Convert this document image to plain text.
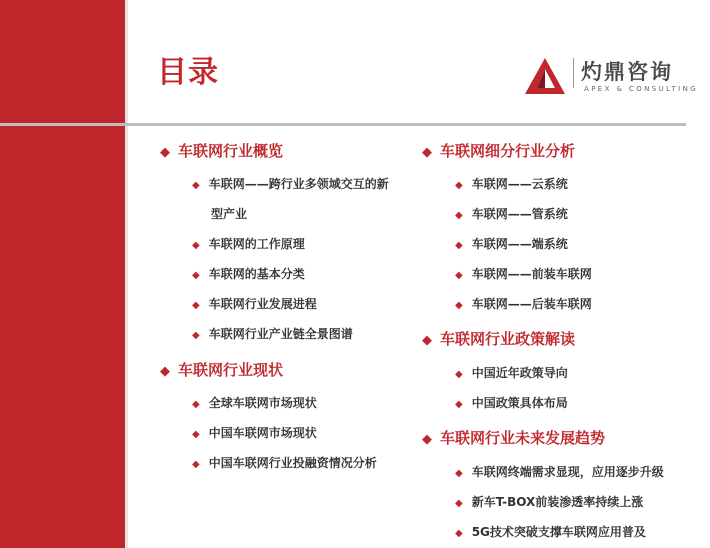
目录	灼鼎咨询
APEX & CONSULTING
◆ 车联网行业概览
◆ 车联网——跨行业多领域交互的新
型产业
◆ 车联网的工作原理
◆ 车联网的基本分类
◆ 车联网行业发展进程
◆ 车联网行业产业链全景图谱
◆ 车联网行业现状
◆ 全球车联网市场现状
◆ 中国车联网市场现状
◆ 中国车联网行业投融资情况分析
◆ 车联网细分行业分析
◆ 车联网——云系统
◆ 车联网——管系统
◆ 车联网——端系统
◆ 车联网——前装车联网
◆ 车联网——后装车联网
◆ 车联网行业政策解读
◆ 中国近年政策导向
◆ 中国政策具体布局
◆ 车联网行业未来发展趋势
◆ 车联网终端需求显现，应用逐步升级
◆ 新车T-BOX前装渗透率持续上涨
◆ 5G技术突破支撑车联网应用普及
